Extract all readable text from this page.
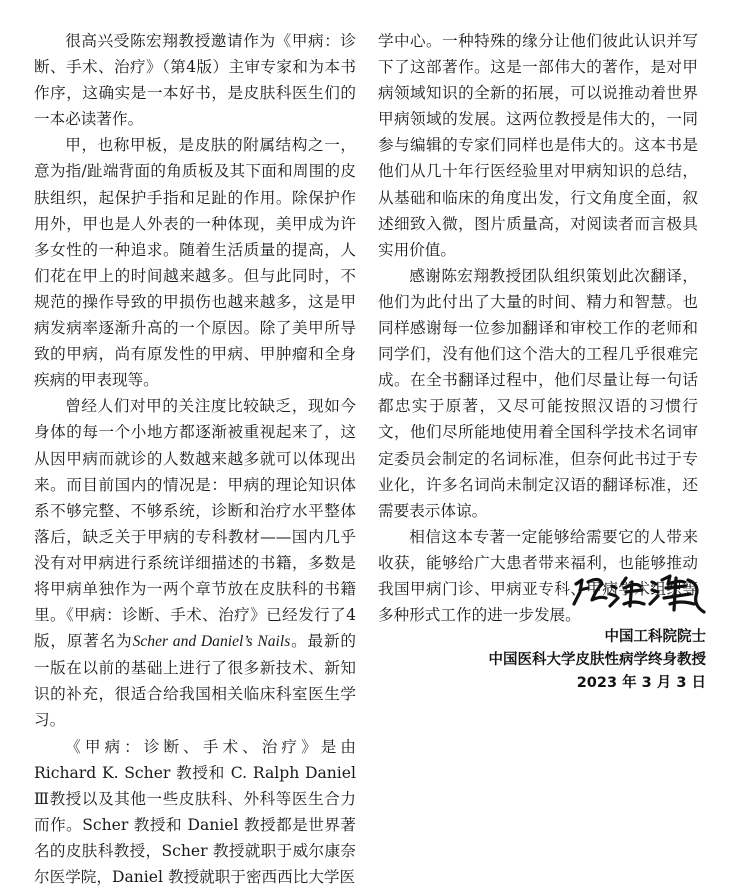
很高兴受陈宏翔教授邀请作为《甲病：诊断、手术、治疗》（第4版）主审专家和为本书作序，这确实是一本好书，是皮肤科医生们的一本必读著作。

甲，也称甲板，是皮肤的附属结构之一，意为指/趾端背面的角质板及其下面和周围的皮肤组织，起保护手指和足趾的作用。除保护作用外，甲也是人外表的一种体现，美甲成为许多女性的一种追求。随着生活质量的提高，人们花在甲上的时间越来越多。但与此同时，不规范的操作导致的甲损伤也越来越多，这是甲病发病率逐渐升高的一个原因。除了美甲所导致的甲病，尚有原发性的甲病、甲肿瘤和全身疾病的甲表现等。

曾经人们对甲的关注度比较缺乏，现如今身体的每一个小地方都逐渐被重视起来了，这从因甲病而就诊的人数越来越多就可以体现出来。而目前国内的情况是：甲病的理论知识体系不够完整、不够系统，诊断和治疗水平整体落后，缺乏关于甲病的专科教材——国内几乎没有对甲病进行系统详细描述的书籍，多数是将甲病单独作为一两个章节放在皮肤科的书籍里。《甲病：诊断、手术、治疗》已经发行了4版，原著名为Scher and Daniel’s Nails。最新的一版在以前的基础上进行了很多新技术、新知识的补充，很适合给我国相关临床科室医生学习。

《甲病：诊断、手术、治疗》是由 Richard K. Scher 教授和 C. Ralph Daniel Ⅲ教授以及其他一些皮肤科、外科等医生合力而作。Scher 教授和 Daniel 教授都是世界著名的皮肤科教授，Scher 教授就职于威尔康奈尔医学院，Daniel 教授就职于密西西比大学医

学中心。一种特殊的缘分让他们彼此认识并写下了这部著作。这是一部伟大的著作，是对甲病领域知识的全新的拓展，可以说推动着世界甲病领域的发展。这两位教授是伟大的，一同参与编辑的专家们同样也是伟大的。这本书是他们从几十年行医经验里对甲病知识的总结，从基础和临床的角度出发，行文角度全面，叙述细致入微，图片质量高，对阅读者而言极具实用价值。

感谢陈宏翔教授团队组织策划此次翻译，他们为此付出了大量的时间、精力和智慧。也同样感谢每一位参加翻译和审校工作的老师和同学们，没有他们这个浩大的工程几乎很难完成。在全书翻译过程中，他们尽量让每一句话都忠实于原著，又尽可能按照汉语的习惯行文，他们尽所能地使用着全国科学技术名词审定委员会制定的名词标准，但奈何此书过于专业化，许多名词尚未制定汉语的翻译标准，还需要表示体谅。

相信这本专著一定能够给需要它的人带来收获，能够给广大患者带来福利，也能够推动我国甲病门诊、甲病亚专科、甲病学术组织等多种形式工作的进一步发展。

中国工科院院士
中国医科大学皮肤性病学终身教授
2023 年 3 月 3 日
